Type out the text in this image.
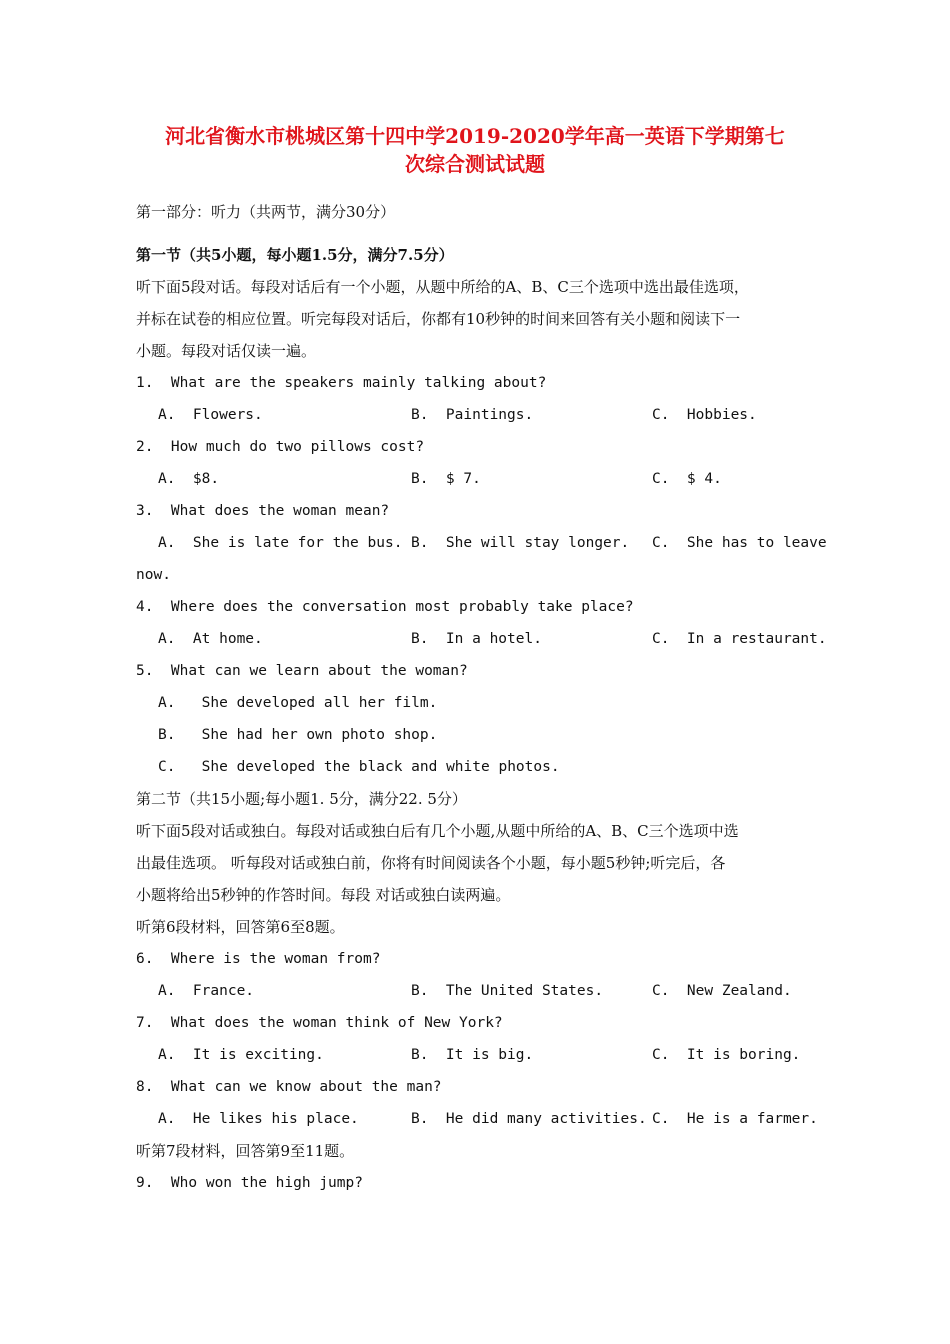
河北省衡水市桃城区第十四中学2019-2020学年高一英语下学期第七
次综合测试试题
第一部分：听力（共两节，满分30分）
第一节（共5小题，每小题1.5分，满分7.5分）
听下面5段对话。每段对话后有一个小题，从题中所给的A、B、C三个选项中选出最佳选项，
并标在试卷的相应位置。听完每段对话后，你都有10秒钟的时间来回答有关小题和阅读下一
小题。每段对话仅读一遍。
1.  What are the speakers mainly talking about?
A.  Flowers.	B.  Paintings.	C.  Hobbies.
2.  How much do two pillows cost?
A.  $8.	B.  $ 7.	C.  $ 4.
3.  What does the woman mean?
A.  She is late for the bus. B.  She will stay longer. C.  She has to leave
now.
4.  Where does the conversation most probably take place?
A.  At home.	B.  In a hotel.	C.  In a restaurant.
5.  What can we learn about the woman?
A.   She developed all her film.
B.   She had her own photo shop.
C.   She developed the black and white photos.
第二节（共15小题;每小题1. 5分，满分22. 5分）
听下面5段对话或独白。每段对话或独白后有几个小题,从题中所给的A、B、C三个选项中选
出最佳选项。 听每段对话或独白前，你将有时间阅读各个小题，每小题5秒钟;听完后，各
小题将给出5秒钟的作答时间。每段 对话或独白读两遍。
听第6段材料，回答第6至8题。
6.  Where is the woman from?
A.  France.	B.  The United States.	C.  New Zealand.
7.  What does the woman think of New York?
A.  It is exciting.	B.  It is big.	C.  It is boring.
8.  What can we know about the man?
A.  He likes his place.	B.  He did many activities. C.  He is a farmer.
听第7段材料，回答第9至11题。
9.  Who won the high jump?
